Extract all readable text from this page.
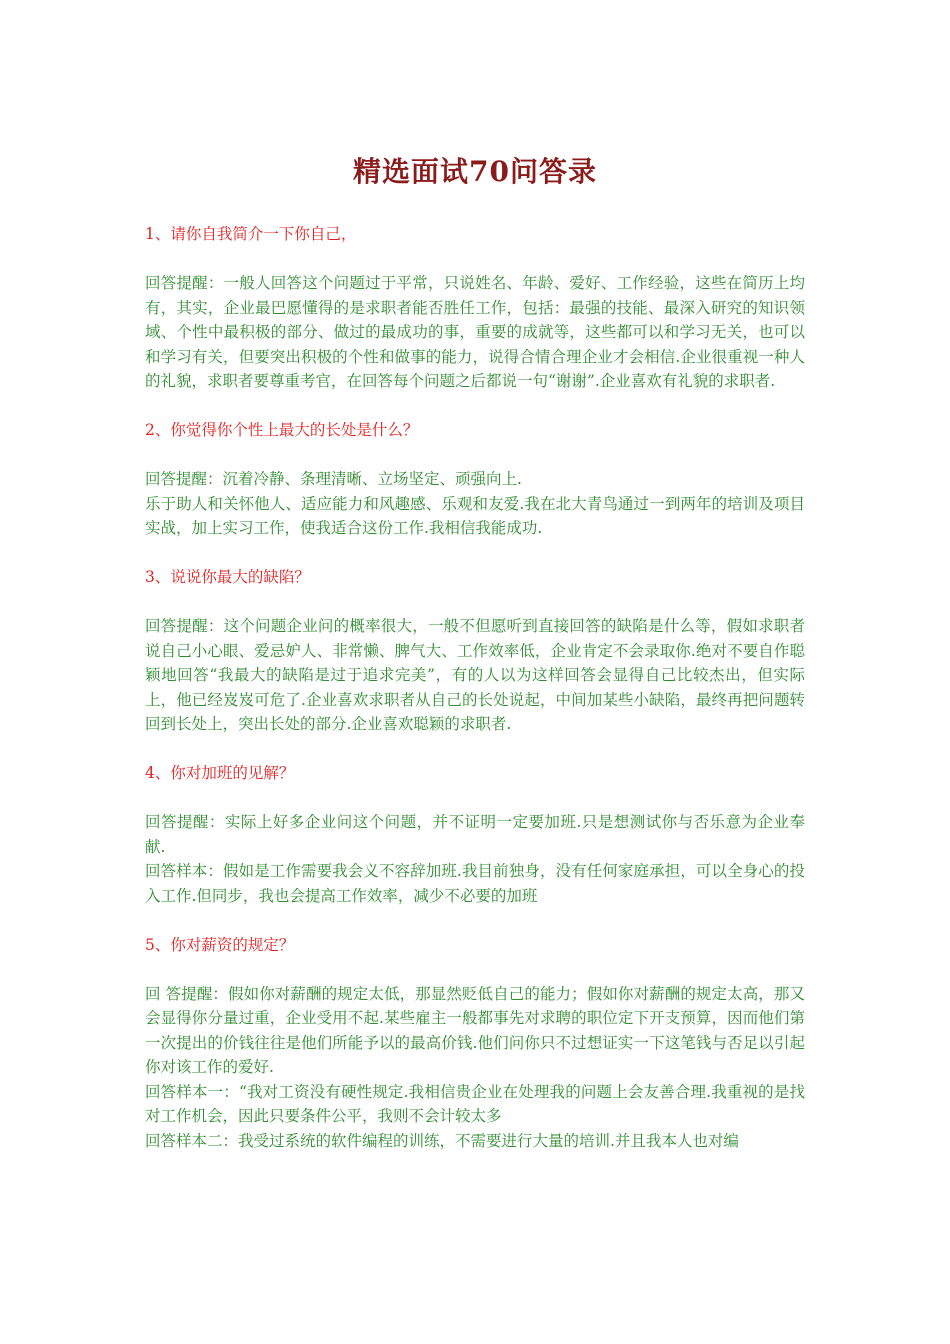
精选面试70问答录
1、请你自我简介一下你自己，
回答提醒：一般人回答这个问题过于平常，只说姓名、年龄、爱好、工作经验，这些在简历上均有，其实，企业最巴愿懂得的是求职者能否胜任工作，包括：最强的技能、最深入研究的知识领域、个性中最积极的部分、做过的最成功的事，重要的成就等，这些都可以和学习无关，也可以和学习有关，但要突出积极的个性和做事的能力，说得合情合理企业才会相信.企业很重视一种人的礼貌，求职者要尊重考官，在回答每个问题之后都说一句“谢谢”.企业喜欢有礼貌的求职者.
2、你觉得你个性上最大的长处是什么？
回答提醒：沉着冷静、条理清晰、立场坚定、顽强向上.
乐于助人和关怀他人、适应能力和风趣感、乐观和友爱.我在北大青鸟通过一到两年的培训及项目实战，加上实习工作，使我适合这份工作.我相信我能成功.
3、说说你最大的缺陷？
回答提醒：这个问题企业问的概率很大，一般不但愿听到直接回答的缺陷是什么等，假如求职者说自己小心眼、爱忌妒人、非常懒、脾气大、工作效率低，企业肯定不会录取你.绝对不要自作聪颖地回答“我最大的缺陷是过于追求完美”，有的人以为这样回答会显得自己比较杰出，但实际上，他已经岌岌可危了.企业喜欢求职者从自己的长处说起，中间加某些小缺陷，最终再把问题转回到长处上，突出长处的部分.企业喜欢聪颖的求职者.
4、你对加班的见解？
回答提醒：实际上好多企业问这个问题，并不证明一定要加班.只是想测试你与否乐意为企业奉献.
回答样本：假如是工作需要我会义不容辞加班.我目前独身，没有任何家庭承担，可以全身心的投入工作.但同步，我也会提高工作效率，减少不必要的加班
5、你对薪资的规定？
回 答提醒：假如你对薪酬的规定太低，那显然贬低自己的能力；假如你对薪酬的规定太高，那又会显得你分量过重，企业受用不起.某些雇主一般都事先对求聘的职位定下开支预算，因而他们第一次提出的价钱往往是他们所能予以的最高价钱.他们问你只不过想证实一下这笔钱与否足以引起你对该工作的爱好.
回答样本一：“我对工资没有硬性规定.我相信贵企业在处理我的问题上会友善合理.我重视的是找对工作机会，因此只要条件公平，我则不会计较太多
回答样本二：我受过系统的软件编程的训练，不需要进行大量的培训.并且我本人也对编
